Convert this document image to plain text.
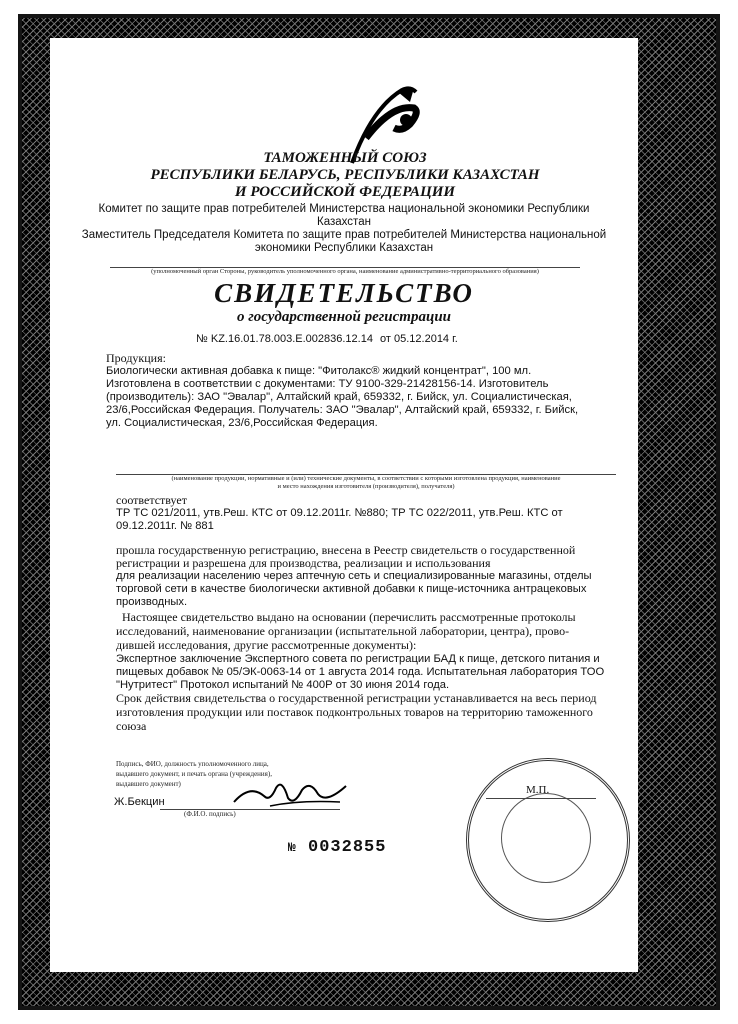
ТАМОЖЕННЫЙ СОЮЗ
РЕСПУБЛИКИ БЕЛАРУСЬ, РЕСПУБЛИКИ КАЗАХСТАН
И РОССИЙСКОЙ ФЕДЕРАЦИИ
Комитет по защите прав потребителей Министерства национальной экономики Республики
Казахстан
Заместитель Председателя Комитета по защите прав потребителей Министерства национальной
экономики Республики Казахстан
(уполномоченный орган Стороны, руководитель уполномоченного органа, наименование административно-территориального образования)
СВИДЕТЕЛЬСТВО
о государственной регистрации
№ KZ.16.01.78.003.Е.002836.12.14 от 05.12.2014 г.
Продукция:
Биологически активная добавка к пище: "Фитолакс® жидкий концентрат", 100 мл.
Изготовлена в соответствии с документами: ТУ 9100-329-21428156-14. Изготовитель
(производитель): ЗАО "Эвалар", Алтайский край, 659332, г. Бийск, ул. Социалистическая,
23/6,Российская Федерация. Получатель: ЗАО "Эвалар", Алтайский край, 659332, г. Бийск,
ул. Социалистическая, 23/6,Российская Федерация.
(наименование продукции, нормативные и (или) технические документы, в соответствии с которыми изготовлена продукция, наименование
и место нахождения изготовителя (производителя), получателя)
соответствует
ТР ТС 021/2011, утв.Реш. КТС от 09.12.2011г. №880; ТР ТС 022/2011, утв.Реш. КТС от
09.12.2011г. № 881
прошла государственную регистрацию, внесена в Реестр свидетельств о государственной
регистрации и разрешена для производства, реализации и использования
для реализации населению через аптечную сеть и специализированные магазины, отделы
торговой сети в качестве биологически активной добавки к пище-источника антрацековых
производных.
Настоящее свидетельство выдано на основании (перечислить рассмотренные протоколы
исследований, наименование организации (испытательной лаборатории, центра), прово-
дившей исследования, другие рассмотренные документы):
Экспертное заключение Экспертного совета по регистрации БАД к пище, детского питания и
пищевых добавок № 05/ЭК-0063-14 от 1 августа 2014 года. Испытательная лаборатория ТОО
"Нутритест" Протокол испытаний № 400Р от 30 июня 2014 года.
Срок действия свидетельства о государственной регистрации устанавливается на весь период
изготовления продукции или поставок подконтрольных товаров на территорию таможенного
союза
Подпись, ФИО, должность уполномоченного лица,
выдавшего документ, и печать органа (учреждения),
выдавшего документ)
Ж.Бекцин
(Ф.И.О. подпись)
М.П.
№ 0032855
